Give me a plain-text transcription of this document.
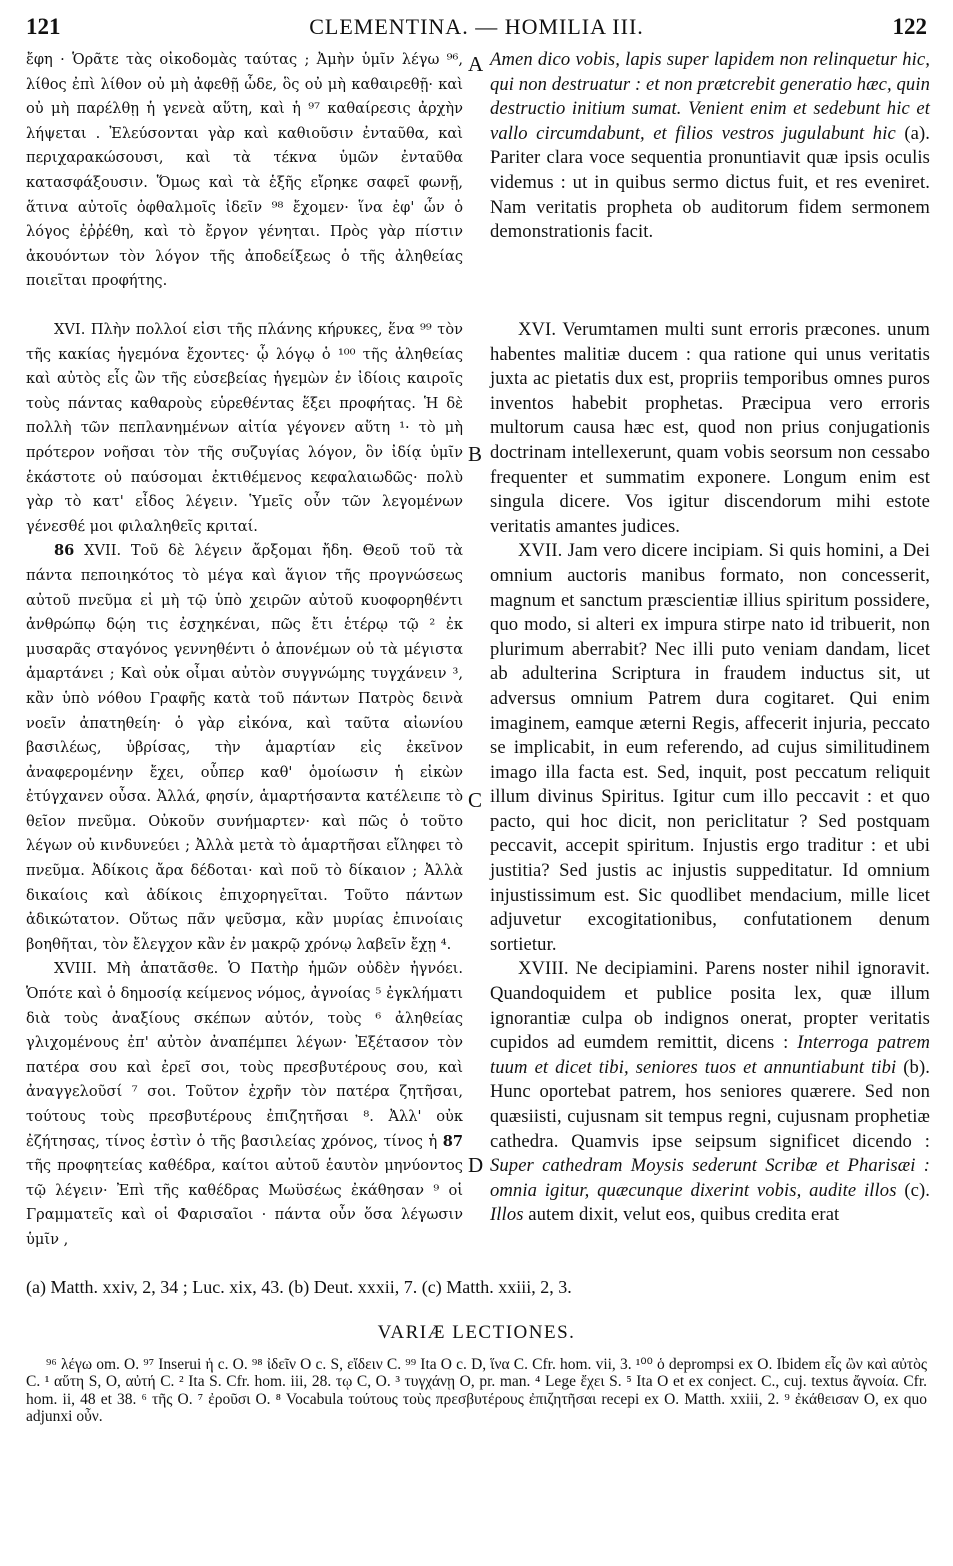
121	CLEMENTINA. — HOMILIA III.	122

ἔφη · Ὁρᾶτε τὰς οἰκοδομὰς ταύτας ; Ἀμὴν ὑμῖν λέγω ⁹⁶, λίθος ἐπὶ λίθον οὐ μὴ ἀφεθῇ ὧδε, ὃς οὐ μὴ καθαιρεθῇ· καὶ οὐ μὴ παρέλθῃ ἡ γενεὰ αὕτη, καὶ ἡ ⁹⁷ καθαίρεσις ἀρχὴν λήψεται . Ἐλεύσονται γὰρ καὶ καθιοῦσιν ἐνταῦθα, καὶ περιχαρακώσουσι, καὶ τὰ τέκνα ὑμῶν ἐνταῦθα κατασφάξουσιν. Ὅμως καὶ τὰ ἑξῆς εἴρηκε σαφεῖ φωνῇ, ἅτινα αὐτοῖς ὀφθαλμοῖς ἰδεῖν ⁹⁸ ἔχομεν· ἵνα ἐφ' ὧν ὁ λόγος ἐῤῥέθη, καὶ τὸ ἔργον γένηται. Πρὸς γὰρ πίστιν ἀκουόντων τὸν λόγον τῆς ἀποδείξεως ὁ τῆς ἀληθείας ποιεῖται προφήτης.

Amen dico vobis, lapis super lapidem non relinquetur hic, qui non destruatur : et non prætcrebit generatio hæc, quin destructio initium sumat. Venient enim et sedebunt hic et vallo circumdabunt, et filios vestros jugulabunt hic (a). Pariter clara voce sequentia pronuntiavit quæ ipsis oculis videmus : ut in quibus sermo dictus fuit, et res eveniret. Nam veritatis propheta ob auditorum fidem sermonem demonstrationis facit.

XVI. Πλὴν πολλοί εἰσι τῆς πλάνης κήρυκες, ἕνα ⁹⁹ τὸν τῆς κακίας ἡγεμόνα ἔχοντες· ᾧ λόγῳ ὁ ¹⁰⁰ τῆς ἀληθείας καὶ αὐτὸς εἷς ὢν τῆς εὐσεβείας ἡγεμὼν ἐν ἰδίοις καιροῖς τοὺς πάντας καθαροὺς εὑρεθέντας ἕξει προφήτας. Ἡ δὲ πολλὴ τῶν πεπλανημένων αἰτία γέγονεν αὕτη ¹· τὸ μὴ πρότερον νοῆσαι τὸν τῆς συζυγίας λόγον, ὃν ἰδίᾳ ὑμῖν ἑκάστοτε οὐ παύσομαι ἐκτιθέμενος κεφαλαιωδῶς· πολὺ γὰρ τὸ κατ' εἶδος λέγειν. Ὑμεῖς οὖν τῶν λεγομένων γένεσθέ μοι φιλαληθεῖς κριταί.

86 XVII. Τοῦ δὲ λέγειν ἄρξομαι ἤδη. Θεοῦ τοῦ τὰ πάντα πεποιηκότος τὸ μέγα καὶ ἅγιον τῆς προγνώσεως αὐτοῦ πνεῦμα εἰ μὴ τῷ ὑπὸ χειρῶν αὐτοῦ κυοφορηθέντι ἀνθρώπῳ δῴη τις ἐσχηκέναι, πῶς ἔτι ἑτέρῳ τῷ ² ἐκ μυσαρᾶς σταγόνος γεννηθέντι ὁ ἀπονέμων οὐ τὰ μέγιστα ἁμαρτάνει ; Καὶ οὐκ οἶμαι αὐτὸν συγγνώμης τυγχάνειν ³, κἂν ὑπὸ νόθου Γραφῆς κατὰ τοῦ πάντων Πατρὸς δεινὰ νοεῖν ἀπατηθείη· ὁ γὰρ εἰκόνα, καὶ ταῦτα αἰωνίου βασιλέως, ὑβρίσας, τὴν ἁμαρτίαν εἰς ἐκεῖνον ἀναφερομένην ἔχει, οὗπερ καθ' ὁμοίωσιν ἡ εἰκὼν ἐτύγχανεν οὖσα. Ἀλλά, φησίν, ἁμαρτήσαντα κατέλειπε τὸ θεῖον πνεῦμα. Οὐκοῦν συνήμαρτεν· καὶ πῶς ὁ τοῦτο λέγων οὐ κινδυνεύει ; Ἀλλὰ μετὰ τὸ ἁμαρτῆσαι εἴληφει τὸ πνεῦμα. Ἀδίκοις ἄρα δέδοται· καὶ ποῦ τὸ δίκαιον ; Ἀλλὰ δικαίοις καὶ ἀδίκοις ἐπιχορηγεῖται. Τοῦτο πάντων ἀδικώτατον. Οὕτως πᾶν ψεῦσμα, κἂν μυρίας ἐπινοίαις βοηθῆται, τὸν ἔλεγχον κἂν ἐν μακρῷ χρόνῳ λαβεῖν ἔχῃ ⁴.

XVIII. Μὴ ἀπατᾶσθε. Ὁ Πατὴρ ἡμῶν οὐδὲν ἠγνόει. Ὁπότε καὶ ὁ δημοσίᾳ κείμενος νόμος, ἀγνοίας ⁵ ἐγκλήματι διὰ τοὺς ἀναξίους σκέπων αὐτόν, τοὺς ⁶ ἀληθείας γλιχομένους ἐπ' αὐτὸν ἀναπέμπει λέγων· Ἐξέτασον τὸν πατέρα σου καὶ ἐρεῖ σοι, τοὺς πρεσβυτέρους σου, καὶ ἀναγγελοῦσί ⁷ σοι. Τοῦτον ἐχρῆν τὸν πατέρα ζητῆσαι, τούτους τοὺς πρεσβυτέρους ἐπιζητῆσαι ⁸. Ἀλλ' οὐκ ἐζήτησας, τίνος ἐστὶν ὁ τῆς βασιλείας χρόνος, τίνος ἡ 87 τῆς προφητείας καθέδρα, καίτοι αὐτοῦ ἑαυτὸν μηνύοντος τῷ λέγειν· Ἐπὶ τῆς καθέδρας Μωϋσέως ἐκάθησαν ⁹ οἱ Γραμματεῖς καὶ οἱ Φαρισαῖοι · πάντα οὖν ὅσα λέγωσιν ὑμῖν ,

XVI. Verumtamen multi sunt erroris præcones. unum habentes malitiæ ducem : qua ratione qui unus veritatis juxta ac pietatis dux est, propriis temporibus omnes puros inventos habebit prophetas. Præcipua vero erroris multorum causa hæc est, quod non prius conjugationis doctrinam intellexerunt, quam vobis seorsum non cessabo frequenter et summatim exponere. Longum enim est singula dicere. Vos igitur discendorum mihi estote veritatis amantes judices.

XVII. Jam vero dicere incipiam. Si quis homini, a Dei omnium auctoris manibus formato, non concesserit, magnum et sanctum præscientiæ illius spiritum possidere, quo modo, si alteri ex impura stirpe nato id tribuerit, non plurimum aberrabit? Nec illi puto veniam dandam, licet ab adulterina Scriptura in fraudem inductus sit, ut adversus omnium Patrem dura cogitaret. Qui enim imaginem, eamque æterni Regis, affecerit injuria, peccato se implicabit, in eum referendo, ad cujus similitudinem imago illa facta est. Sed, inquit, post peccatum reliquit illum divinus Spiritus. Igitur cum illo peccavit : et quo pacto, qui hoc dicit, non periclitatur ? Sed postquam peccavit, accepit spiritum. Injustis ergo traditur : et ubi justitia? Sed justis ac injustis suppeditatur. Id omnium injustissimum est. Sic quodlibet mendacium, mille licet adjuvetur excogitationibus, confutationem denum sortietur.

XVIII. Ne decipiamini. Parens noster nihil ignoravit. Quandoquidem et publice posita lex, quæ illum ignorantiæ culpa ob indignos onerat, propter veritatis cupidos ad eumdem remittit, dicens : Interroga patrem tuum et dicet tibi, seniores tuos et annuntiabunt tibi (b). Hunc oportebat patrem, hos seniores quærere. Sed non quæsiisti, cujusnam sit tempus regni, cujusnam prophetiæ cathedra. Quamvis ipse seipsum significet dicendo : Super cathedram Moysis sederunt Scribæ et Pharisæi : omnia igitur, quæcunque dixerint vobis, audite illos (c). Illos autem dixit, velut eos, quibus credita erat

A
B
C
D
(a) Matth. xxiv, 2, 34 ; Luc. xix, 43. (b) Deut. xxxii, 7. (c) Matth. xxiii, 2, 3.
VARIÆ LECTIONES.

⁹⁶ λέγω om. O. ⁹⁷ Inserui ἡ c. O. ⁹⁸ ἰδεῖν O c. S, εἴδειν C. ⁹⁹ Ita O c. D, ἵνα C. Cfr. hom. vii, 3. ¹⁰⁰ ὁ deprompsi ex O. Ibidem εἷς ὢν καὶ αὐτὸς C. ¹ αὕτη S, O, αὐτή C. ² Ita S. Cfr. hom. iii, 28. τῳ C, O. ³ τυγχάνῃ O, pr. man. ⁴ Lege ἔχει S. ⁵ Ita O et ex conject. C., cuj. textus ἄγνοία. Cfr. hom. ii, 48 et 38. ⁶ τῆς O. ⁷ ἐροῦσι O. ⁸ Vocabula τούτους τοὺς πρεσβυτέρους ἐπιζητῆσαι recepi ex O. Matth. xxiii, 2. ⁹ ἐκάθεισαν O, ex quo adjunxi οὖν.
